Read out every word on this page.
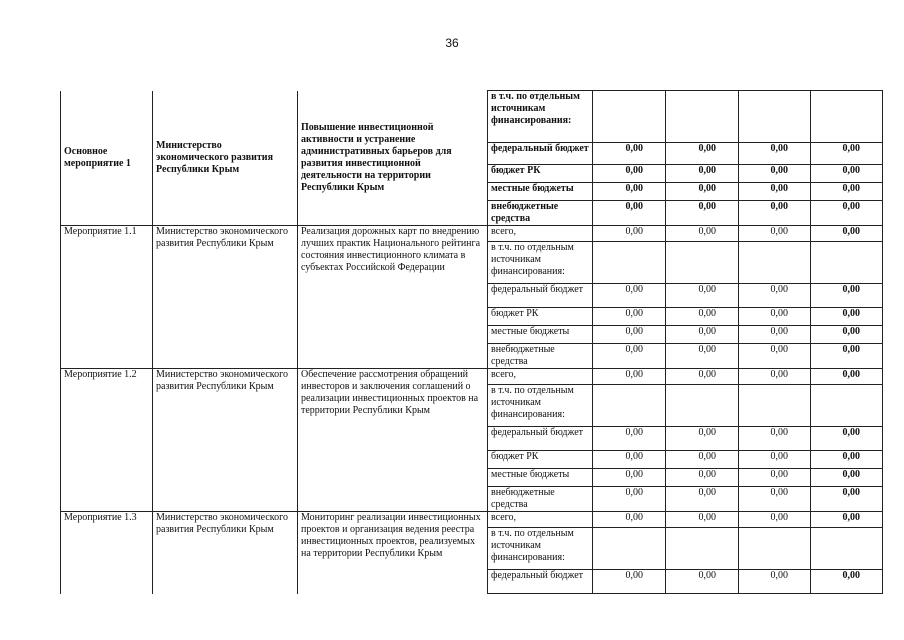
36
Основное мероприятие 1	Министерство экономического развития Республики Крым	Повышение инвестиционной активности и устранение административных барьеров для развития инвестиционной деятельности на территории Республики Крым	в т.ч. по отдельным источникам финансирования:				
			федеральный бюджет	0,00	0,00	0,00	0,00
			бюджет РК	0,00	0,00	0,00	0,00
			местные бюджеты	0,00	0,00	0,00	0,00
			внебюджетные средства	0,00	0,00	0,00	0,00
Мероприятие 1.1	Министерство экономического развития Республики Крым	Реализация дорожных карт по внедрению лучших практик Национального рейтинга состояния инвестиционного климата в субъектах Российской Федерации	всего,	0,00	0,00	0,00	0,00
			в т.ч. по отдельным источникам финансирования:				
			федеральный бюджет	0,00	0,00	0,00	0,00
			бюджет РК	0,00	0,00	0,00	0,00
			местные бюджеты	0,00	0,00	0,00	0,00
			внебюджетные средства	0,00	0,00	0,00	0,00
Мероприятие 1.2	Министерство экономического развития Республики Крым	Обеспечение рассмотрения обращений инвесторов и заключения соглашений о реализации инвестиционных проектов на территории Республики Крым	всего,	0,00	0,00	0,00	0,00
			в т.ч. по отдельным источникам финансирования:				
			федеральный бюджет	0,00	0,00	0,00	0,00
			бюджет РК	0,00	0,00	0,00	0,00
			местные бюджеты	0,00	0,00	0,00	0,00
			внебюджетные средства	0,00	0,00	0,00	0,00
Мероприятие 1.3	Министерство экономического развития Республики Крым	Мониторинг реализации инвестиционных проектов и организация ведения реестра инвестиционных проектов, реализуемых на территории Республики Крым	всего,	0,00	0,00	0,00	0,00
			в т.ч. по отдельным источникам финансирования:				
			федеральный бюджет	0,00	0,00	0,00	0,00
